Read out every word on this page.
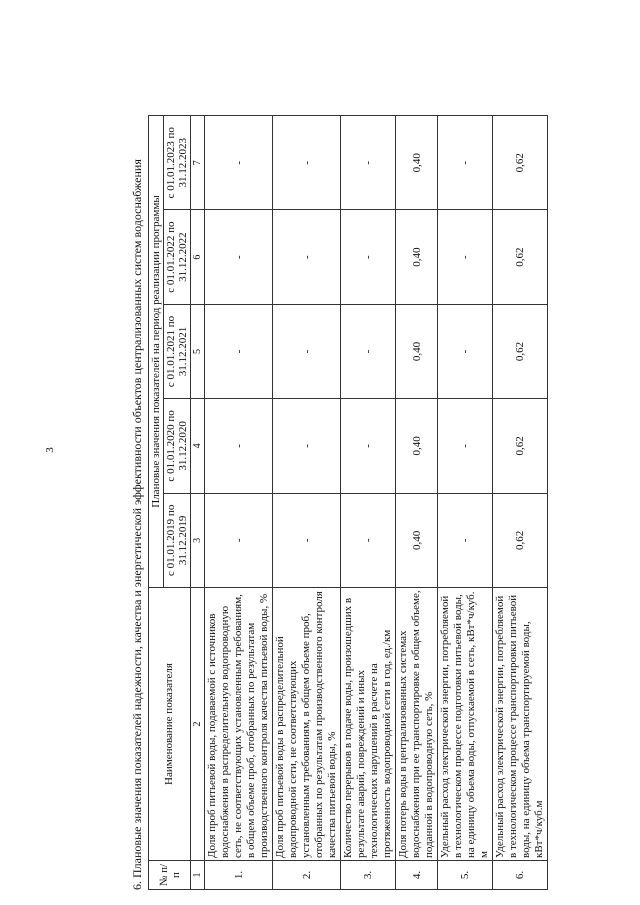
3	6. Плановые значения показателей надежности, качества и энергетической эффективности объектов централизованных систем водоснабжения № п/п	Наименование показателя	Плановые значения показателей на период реализации программы				
		с 01.01.2019 по 31.12.2019	с 01.01.2020 по 31.12.2020	с 01.01.2021 по 31.12.2021	с 01.01.2022 по 31.12.2022	с 01.01.2023 по 31.12.2023
1	2	3	4	5	6	7
1.	Доля проб питьевой воды, подаваемой с источников водоснабжения в распределительную водопроводную сеть, не соответствующих установленным требованиям, в общем объеме проб, отобранных по результатам производственного контроля качества питьевой воды, %	-	-	-	-	-
2.	Доля проб питьевой воды в распределительной водопроводной сети, не соответствующих установленным требованиям, в общем объеме проб, отобранных по результатам производственного контроля качества питьевой воды, %	-	-	-	-	-
3.	Количество перерывов в подаче воды, произошедших в результате аварий, повреждений и иных технологических нарушений в расчете на протяженность водопроводной сети в год, ед./км	-	-	-	-	-
4.	Доля потерь воды в централизованных системах водоснабжения при ее транспортировке в общем объеме, поданной в водопроводную сеть, %	0,40	0,40	0,40	0,40	0,40
5.	Удельный расход электрической энергии, потребляемой в технологическом процессе подготовки питьевой воды, на единицу объема воды, отпускаемой в сеть, кВт*ч/куб. м	-	-	-	-	-
6.	Удельный расход электрической энергии, потребляемой в технологическом процессе транспортировки питьевой воды, на единицу объема транспортируемой воды, кВт*ч/куб.м	0,62	0,62	0,62	0,62	0,62
